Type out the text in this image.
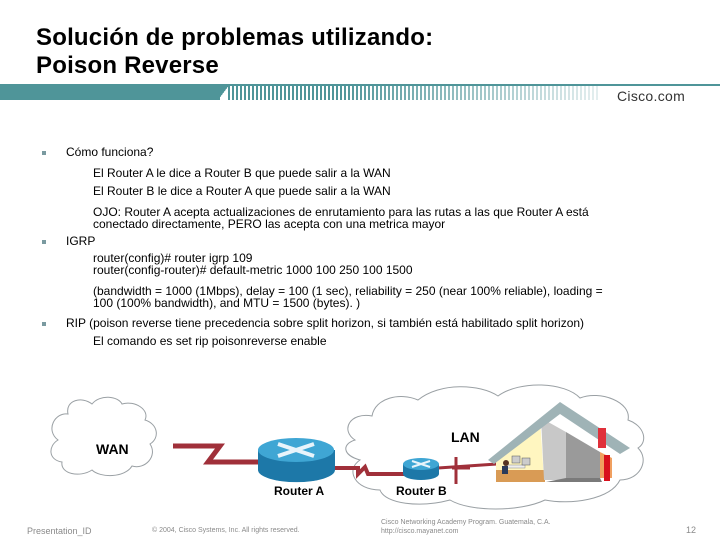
Solución de problemas utilizando:
Poison Reverse
Cisco.com
Cómo funciona?
El Router A le dice a Router B que puede salir a la WAN
El Router B le dice a Router A que puede salir a la WAN
OJO: Router A acepta actualizaciones de enrutamiento para las rutas a las que Router A está
conectado directamente, PERO las acepta con una metrica mayor
IGRP
router(config)# router igrp 109
router(config-router)# default-metric 1000 100 250 100 1500
(bandwidth = 1000 (1Mbps), delay = 100 (1 sec), reliability = 250 (near 100% reliable), loading =
100 (100% bandwidth), and MTU = 1500 (bytes). )
RIP (poison reverse tiene precedencia sobre split horizon, si también está habilitado split horizon)
El comando es set rip poisonreverse enable
WAN
LAN
Router A	Router B
Presentation_ID	© 2004, Cisco Systems, Inc. All rights reserved.
Cisco Networking Academy Program. Guatemala, C.A.
http://cisco.mayanet.com	12
